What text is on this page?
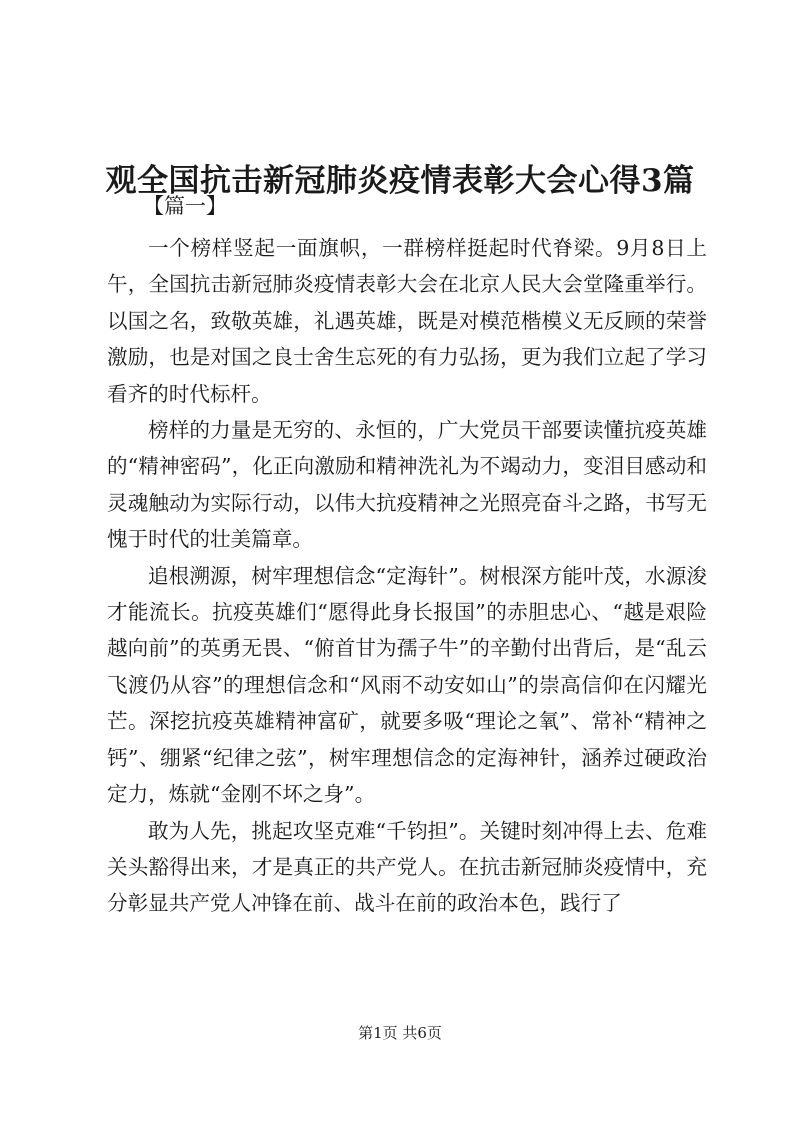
观全国抗击新冠肺炎疫情表彰大会心得3篇
【篇一】

一个榜样竖起一面旗帜，一群榜样挺起时代脊梁。9月8日上午，全国抗击新冠肺炎疫情表彰大会在北京人民大会堂隆重举行。以国之名，致敬英雄，礼遇英雄，既是对模范楷模义无反顾的荣誉激励，也是对国之良士舍生忘死的有力弘扬，更为我们立起了学习看齐的时代标杆。

榜样的力量是无穷的、永恒的，广大党员干部要读懂抗疫英雄的“精神密码”，化正向激励和精神洗礼为不竭动力，变泪目感动和灵魂触动为实际行动，以伟大抗疫精神之光照亮奋斗之路，书写无愧于时代的壮美篇章。

追根溯源，树牢理想信念“定海针”。树根深方能叶茂，水源浚才能流长。抗疫英雄们“愿得此身长报国”的赤胆忠心、“越是艰险越向前”的英勇无畏、“俯首甘为孺子牛”的辛勤付出背后，是“乱云飞渡仍从容”的理想信念和“风雨不动安如山”的崇高信仰在闪耀光芒。深挖抗疫英雄精神富矿，就要多吸“理论之氧”、常补“精神之钙”、绷紧“纪律之弦”，树牢理想信念的定海神针，涵养过硬政治定力，炼就“金刚不坏之身”。

敢为人先，挑起攻坚克难“千钧担”。关键时刻冲得上去、危难关头豁得出来，才是真正的共产党人。在抗击新冠肺炎疫情中，充分彰显共产党人冲锋在前、战斗在前的政治本色，践行了

第1页 共6页
